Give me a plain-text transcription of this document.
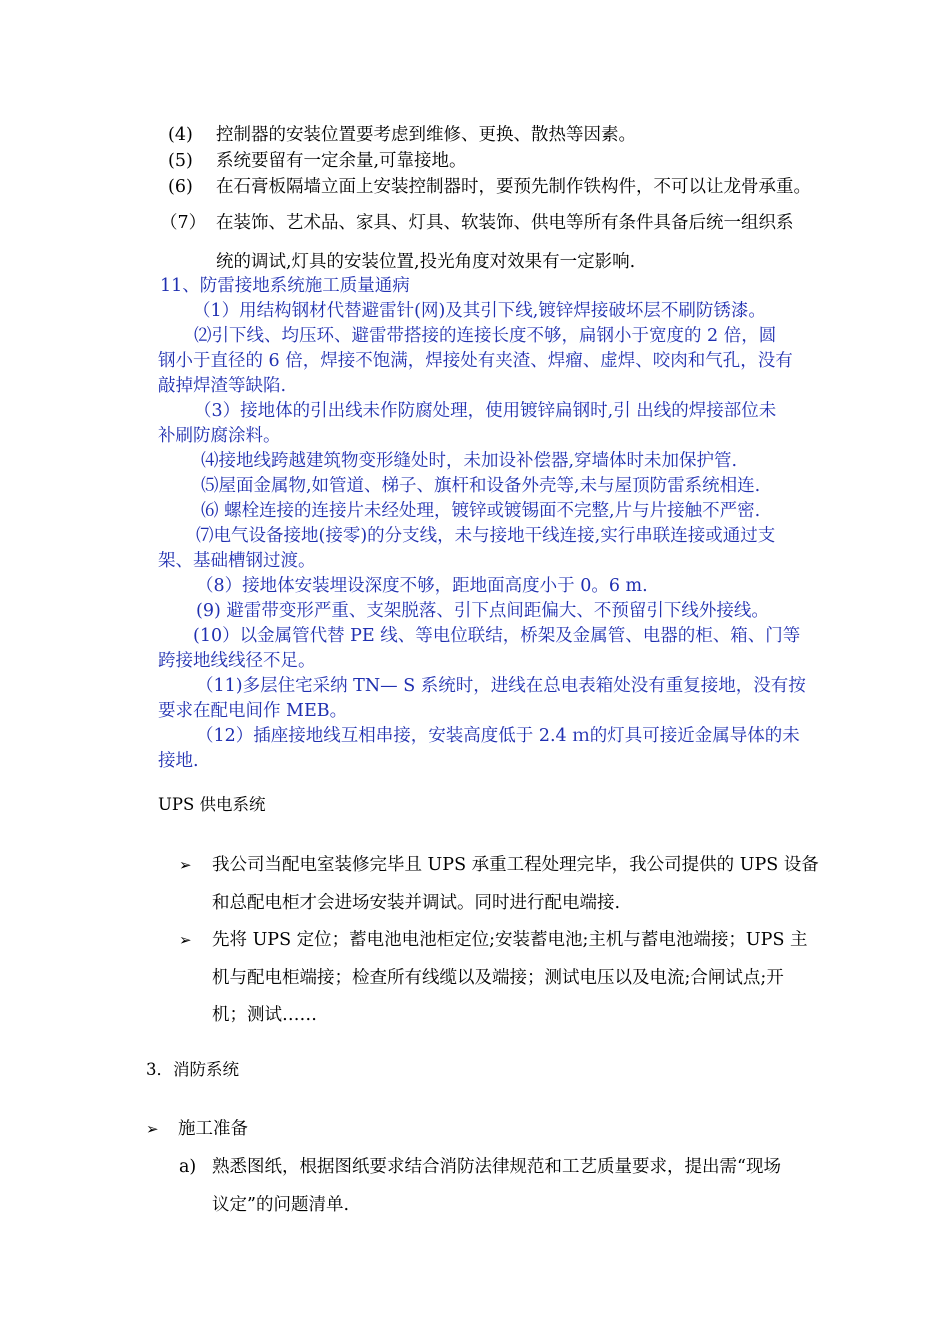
(4) 控制器的安装位置要考虑到维修、更换、散热等因素。
(5) 系统要留有一定余量,可靠接地。
(6) 在石膏板隔墙立面上安装控制器时，要预先制作铁构件，不可以让龙骨承重。
（7） 在装饰、艺术品、家具、灯具、软装饰、供电等所有条件具备后统一组织系
统的调试,灯具的安装位置,投光角度对效果有一定影响.
11、防雷接地系统施工质量通病
（1）用结构钢材代替避雷针(网)及其引下线,镀锌焊接破坏层不刷防锈漆。
⑵引下线、均压环、避雷带搭接的连接长度不够，扁钢小于宽度的 2 倍，圆
钢小于直径的 6 倍，焊接不饱满，焊接处有夹渣、焊瘤、虚焊、咬肉和气孔，没有
敲掉焊渣等缺陷.
（3）接地体的引出线未作防腐处理，使用镀锌扁钢时,引 出线的焊接部位未
补刷防腐涂料。
⑷接地线跨越建筑物变形缝处时，未加设补偿器,穿墙体时未加保护管.
⑸屋面金属物,如管道、梯子、旗杆和设备外壳等,未与屋顶防雷系统相连.
⑹ 螺栓连接的连接片未经处理，镀锌或镀锡面不完整,片与片接触不严密.
⑺电气设备接地(接零)的分支线，未与接地干线连接,实行串联连接或通过支
架、基础槽钢过渡。
（8）接地体安装埋设深度不够，距地面高度小于 0。6 m.
(9) 避雷带变形严重、支架脱落、引下点间距偏大、不预留引下线外接线。
(10）以金属管代替 PE 线、等电位联结，桥架及金属管、电器的柜、箱、门等
跨接地线线径不足。
（11)多层住宅采纳 TN— S 系统时，进线在总电表箱处没有重复接地，没有按
要求在配电间作 MEB。
（12）插座接地线互相串接，安装高度低于 2.4 ｍ的灯具可接近金属导体的未
接地.
UPS 供电系统
➢ 我公司当配电室装修完毕且 UPS 承重工程处理完毕，我公司提供的 UPS 设备
和总配电柜才会进场安装并调试。同时进行配电端接.
➢ 先将 UPS 定位；蓄电池电池柜定位;安装蓄电池;主机与蓄电池端接；UPS 主
机与配电柜端接；检查所有线缆以及端接；测试电压以及电流;合闸试点;开
机；测试……
3．消防系统
➢ 施工准备
a) 熟悉图纸，根据图纸要求结合消防法律规范和工艺质量要求，提出需“现场
议定”的问题清单.
